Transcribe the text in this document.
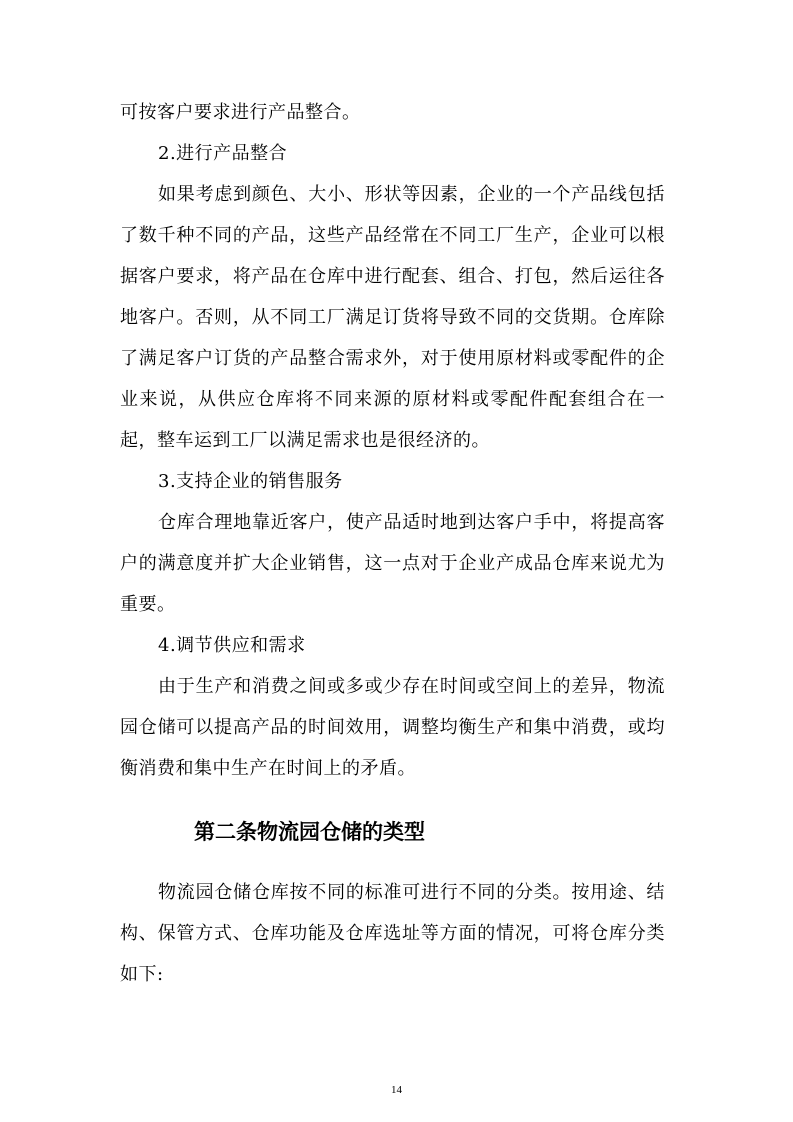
可按客户要求进行产品整合。

2.进行产品整合

如果考虑到颜色、大小、形状等因素，企业的一个产品线包括了数千种不同的产品，这些产品经常在不同工厂生产，企业可以根据客户要求，将产品在仓库中进行配套、组合、打包，然后运往各地客户。否则，从不同工厂满足订货将导致不同的交货期。仓库除了满足客户订货的产品整合需求外，对于使用原材料或零配件的企业来说，从供应仓库将不同来源的原材料或零配件配套组合在一起，整车运到工厂以满足需求也是很经济的。

3.支持企业的销售服务

仓库合理地靠近客户，使产品适时地到达客户手中，将提高客户的满意度并扩大企业销售，这一点对于企业产成品仓库来说尤为重要。

4.调节供应和需求

由于生产和消费之间或多或少存在时间或空间上的差异，物流园仓储可以提高产品的时间效用，调整均衡生产和集中消费，或均衡消费和集中生产在时间上的矛盾。

第二条物流园仓储的类型

物流园仓储仓库按不同的标准可进行不同的分类。按用途、结构、保管方式、仓库功能及仓库选址等方面的情况，可将仓库分类如下:

14
